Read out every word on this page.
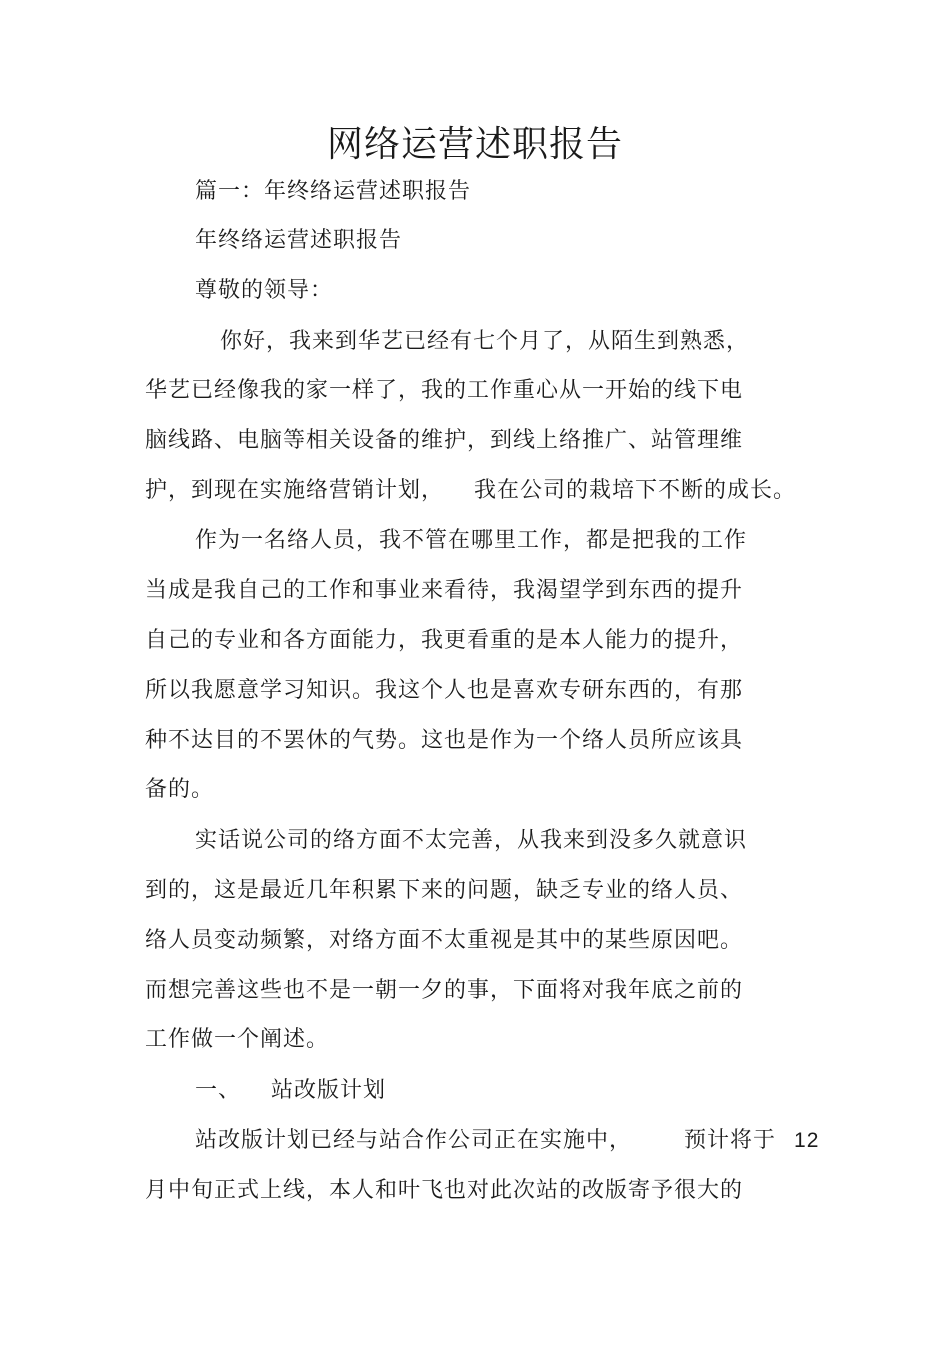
网络运营述职报告
篇一：年终络运营述职报告
年终络运营述职报告
尊敬的领导：
你好，我来到华艺已经有七个月了，从陌生到熟悉，
华艺已经像我的家一样了，我的工作重心从一开始的线下电
脑线路、电脑等相关设备的维护，到线上络推广、站管理维
护，到现在实施络营销计划， 我在公司的栽培下不断的成长。
作为一名络人员，我不管在哪里工作，都是把我的工作
当成是我自己的工作和事业来看待，我渴望学到东西的提升
自己的专业和各方面能力，我更看重的是本人能力的提升，
所以我愿意学习知识。我这个人也是喜欢专研东西的，有那
种不达目的不罢休的气势。这也是作为一个络人员所应该具
备的。
实话说公司的络方面不太完善，从我来到没多久就意识
到的，这是最近几年积累下来的问题，缺乏专业的络人员、
络人员变动频繁，对络方面不太重视是其中的某些原因吧。
而想完善这些也不是一朝一夕的事，下面将对我年底之前的
工作做一个阐述。
一、 站改版计划
站改版计划已经与站合作公司正在实施中， 预计将于 12
月中旬正式上线，本人和叶飞也对此次站的改版寄予很大的
